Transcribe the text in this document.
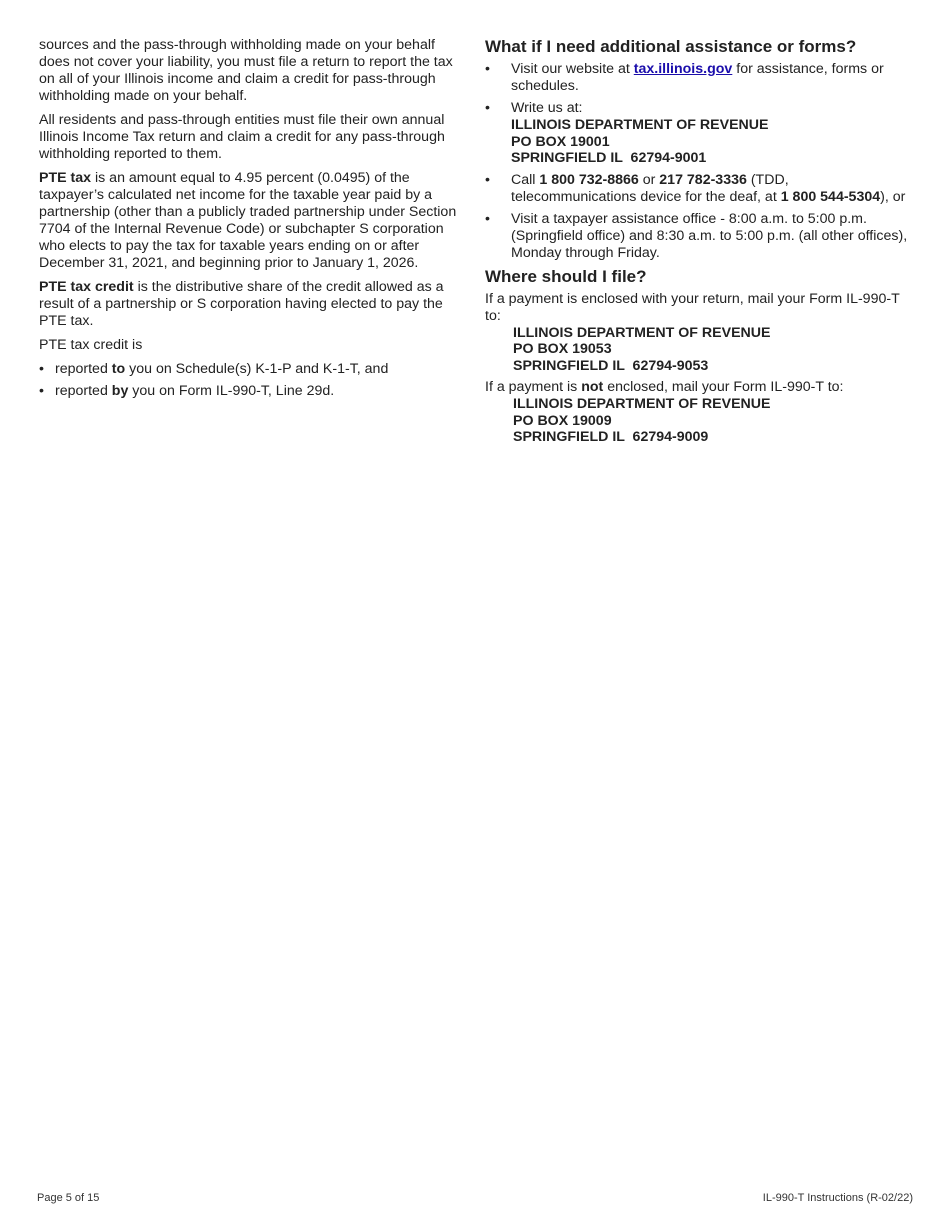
sources and the pass-through withholding made on your behalf does not cover your liability, you must file a return to report the tax on all of your Illinois income and claim a credit for pass-through withholding made on your behalf.

All residents and pass-through entities must file their own annual Illinois Income Tax return and claim a credit for any pass-through withholding reported to them.

PTE tax is an amount equal to 4.95 percent (0.0495) of the taxpayer’s calculated net income for the taxable year paid by a partnership (other than a publicly traded partnership under Section 7704 of the Internal Revenue Code) or subchapter S corporation who elects to pay the tax for taxable years ending on or after December 31, 2021, and beginning prior to January 1, 2026.

PTE tax credit is the distributive share of the credit allowed as a result of a partnership or S corporation having elected to pay the PTE tax.

PTE tax credit is

• reported to you on Schedule(s) K-1-P and K-1-T, and
• reported by you on Form IL-990-T, Line 29d.
What if I need additional assistance or forms?
• Visit our website at tax.illinois.gov for assistance, forms or schedules.
• Write us at:
ILLINOIS DEPARTMENT OF REVENUE
PO BOX 19001
SPRINGFIELD IL  62794-9001
• Call 1 800 732-8866 or 217 782-3336 (TDD, telecommunications device for the deaf, at 1 800 544-5304), or
• Visit a taxpayer assistance office - 8:00 a.m. to 5:00 p.m. (Springfield office) and 8:30 a.m. to 5:00 p.m. (all other offices), Monday through Friday.
Where should I file?

If a payment is enclosed with your return, mail your Form IL-990-T to:

ILLINOIS DEPARTMENT OF REVENUE
PO BOX 19053
SPRINGFIELD IL  62794-9053

If a payment is not enclosed, mail your Form IL-990-T to:

ILLINOIS DEPARTMENT OF REVENUE
PO BOX 19009
SPRINGFIELD IL  62794-9009
Page 5 of 15	IL-990-T Instructions (R-02/22)
